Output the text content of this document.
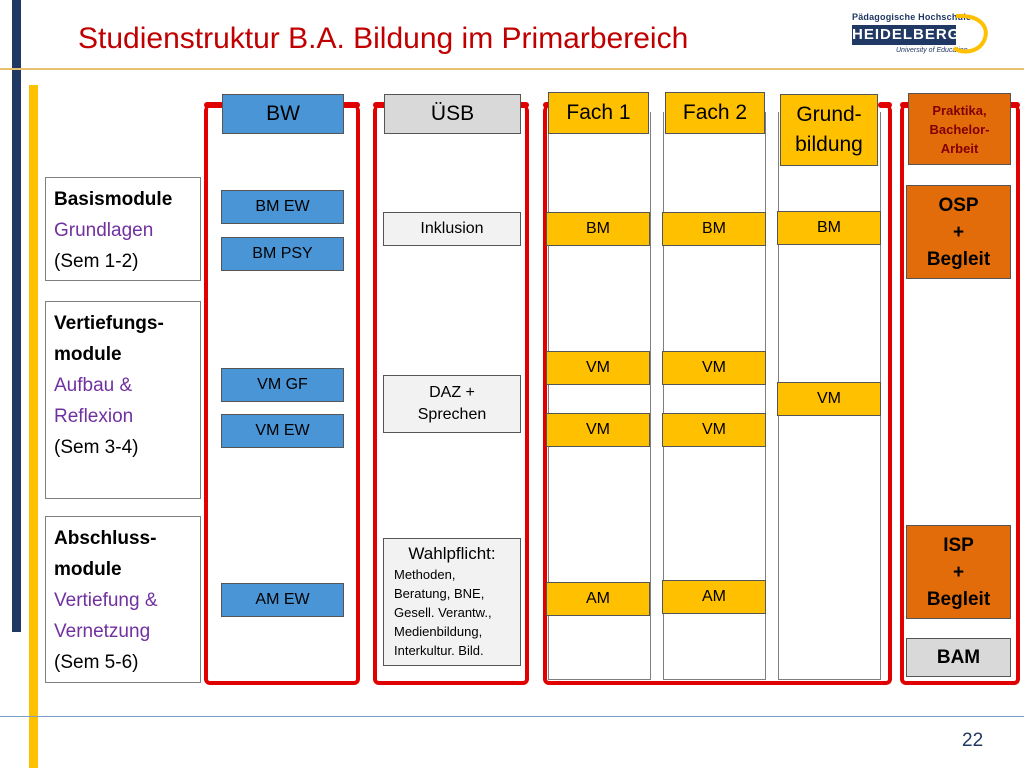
Studienstruktur B.A. Bildung im Primarbereich
22
Pädagogische Hochschule
HEIDELBERG
University of Education
Basismodule
Grundlagen
(Sem 1-2)
Vertiefungs-
module
Aufbau &
Reflexion
(Sem 3-4)
Abschluss-
module
Vertiefung &
Vernetzung
(Sem 5-6)
BW
BM EW
BM PSY
VM GF
VM EW
AM EW
ÜSB
Inklusion
DAZ +
Sprechen
Wahlpflicht:
Methoden,
Beratung, BNE,
Gesell. Verantw.,
Medienbildung,
Interkultur. Bild.
Fach 1
BM
VM
VM
AM
Fach 2
BM
VM
VM
AM
Grund-
bildung
BM
VM
Praktika,
Bachelor-
Arbeit
OSP
+
Begleit
ISP
+
Begleit
BAM
